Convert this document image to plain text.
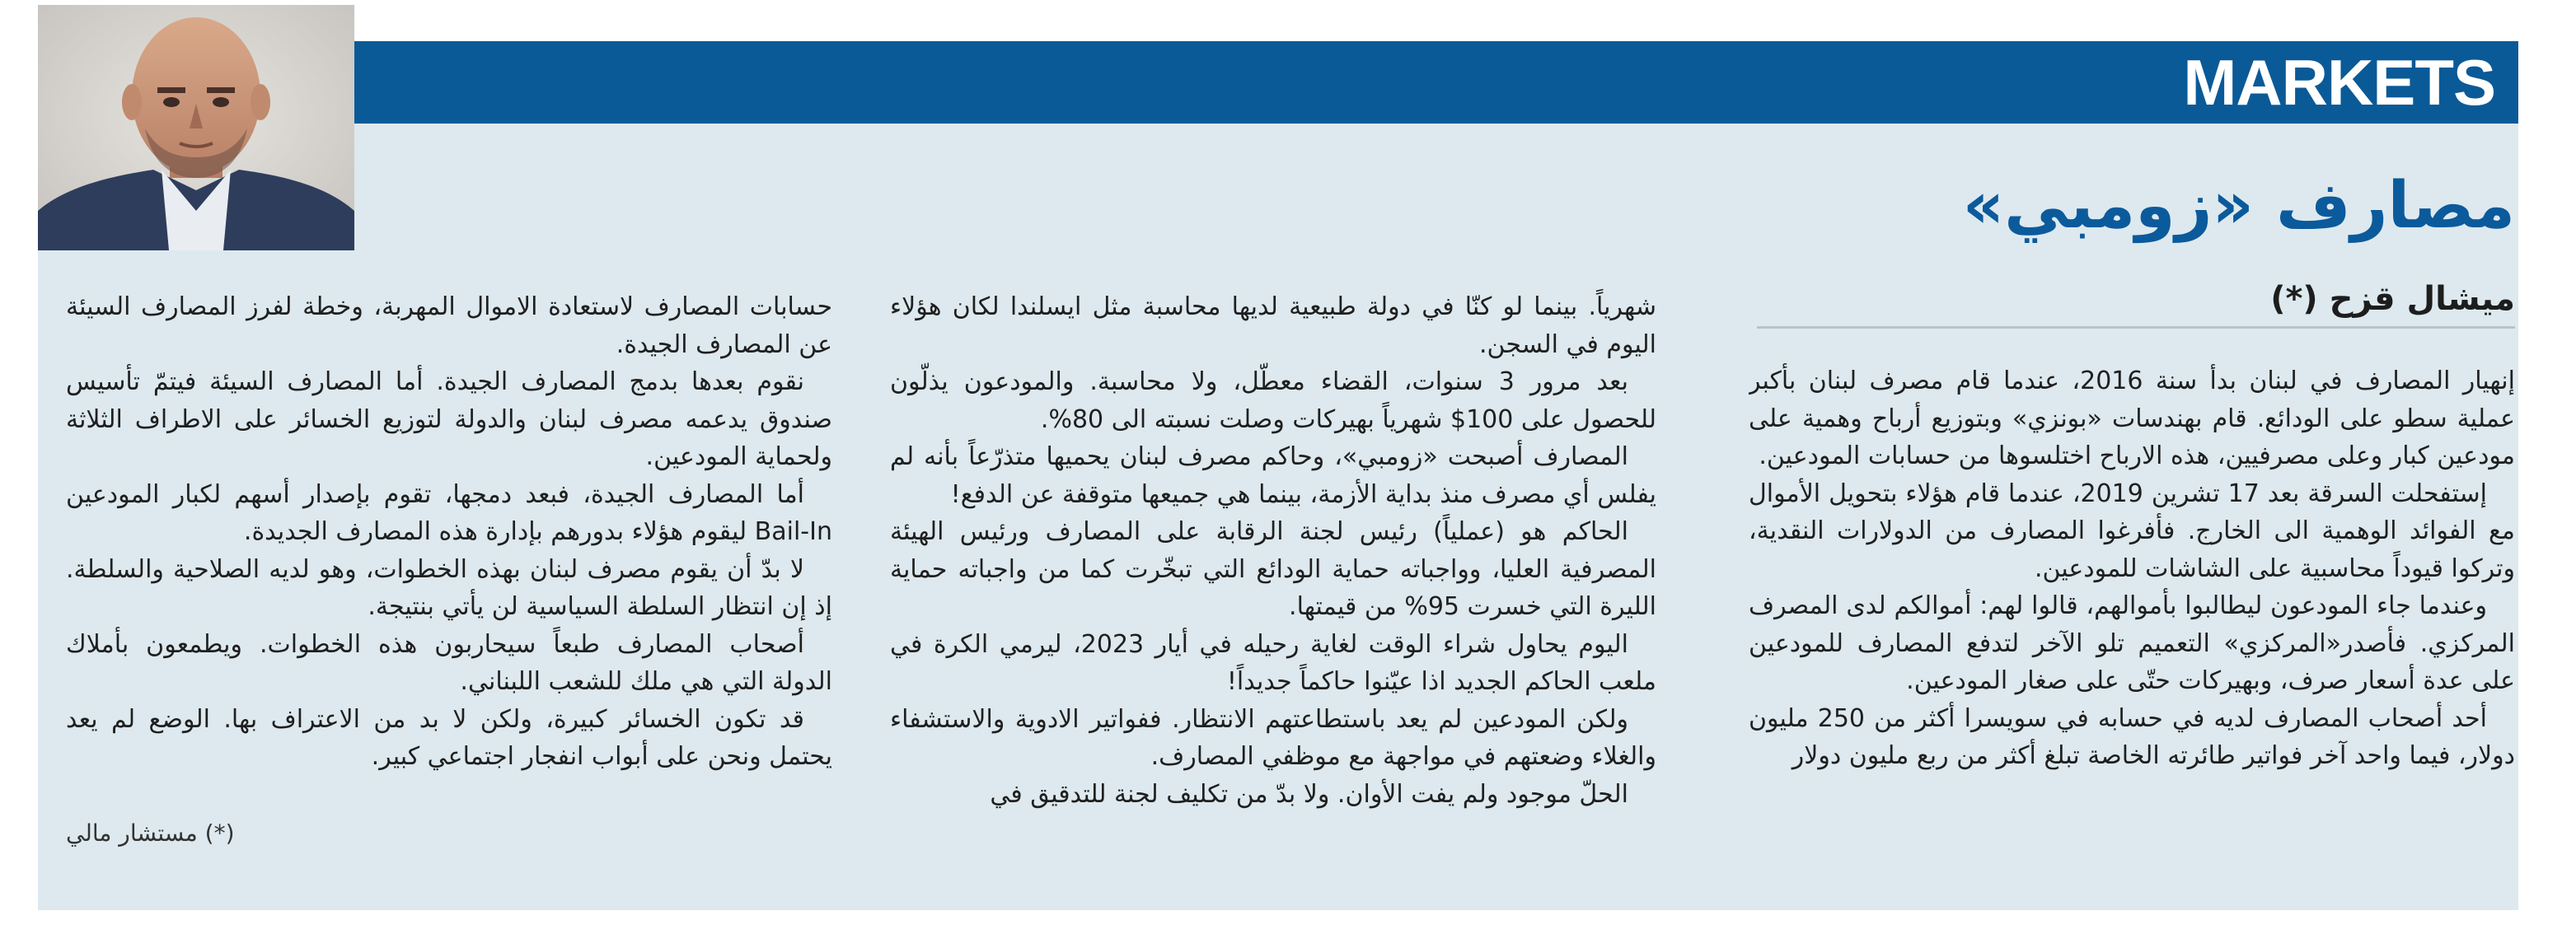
MARKETS
مصارف «زومبي»
ميشال قزح (*)

إنهيار المصارف في لبنان بدأ سنة 2016، عندما قام مصرف لبنان بأكبر عملية سطو على الودائع. قام بهندسات «بونزي» وبتوزيع أرباح وهمية على مودعين كبار وعلى مصرفيين، هذه الارباح اختلسوها من حسابات المودعين.

إستفحلت السرقة بعد 17 تشرين 2019، عندما قام هؤلاء بتحويل الأموال مع الفوائد الوهمية الى الخارج. فأفرغوا المصارف من الدولارات النقدية، وتركوا قيوداً محاسبية على الشاشات للمودعين.

وعندما جاء المودعون ليطالبوا بأموالهم، قالوا لهم: أموالكم لدى المصرف المركزي. فأصدر«المركزي» التعميم تلو الآخر لتدفع المصارف للمودعين على عدة أسعار صرف، وبهيركات حتّى على صغار المودعين.

أحد أصحاب المصارف لديه في حسابه في سويسرا أكثر من 250 مليون دولار، فيما واحد آخر فواتير طائرته الخاصة تبلغ أكثر من ربع مليون دولار

شهرياً. بينما لو كنّا في دولة طبيعية لديها محاسبة مثل ايسلندا لكان هؤلاء اليوم في السجن.

بعد مرور 3 سنوات، القضاء معطّل، ولا محاسبة. والمودعون يذلّون للحصول على 100$ شهرياً بهيركات وصلت نسبته الى 80%.

المصارف أصبحت «زومبي»، وحاكم مصرف لبنان يحميها متذرّعاً بأنه لم يفلس أي مصرف منذ بداية الأزمة، بينما هي جميعها متوقفة عن الدفع!

الحاكم هو (عملياً) رئيس لجنة الرقابة على المصارف ورئيس الهيئة المصرفية العليا، وواجباته حماية الودائع التي تبخّرت كما من واجباته حماية الليرة التي خسرت 95% من قيمتها.

اليوم يحاول شراء الوقت لغاية رحيله في أيار 2023، ليرمي الكرة في ملعب الحاكم الجديد اذا عيّنوا حاكماً جديداً!

ولكن المودعين لم يعد باستطاعتهم الانتظار. ففواتير الادوية والاستشفاء والغلاء وضعتهم في مواجهة مع موظفي المصارف.

الحلّ موجود ولم يفت الأوان. ولا بدّ من تكليف لجنة للتدقيق في

حسابات المصارف لاستعادة الاموال المهربة، وخطة لفرز المصارف السيئة عن المصارف الجيدة.

نقوم بعدها بدمج المصارف الجيدة. أما المصارف السيئة فيتمّ تأسيس صندوق يدعمه مصرف لبنان والدولة لتوزيع الخسائر على الاطراف الثلاثة ولحماية المودعين.

أما المصارف الجيدة، فبعد دمجها، تقوم بإصدار أسهم لكبار المودعين Bail-In ليقوم هؤلاء بدورهم بإدارة هذه المصارف الجديدة.

لا بدّ أن يقوم مصرف لبنان بهذه الخطوات، وهو لديه الصلاحية والسلطة. إذ إن انتظار السلطة السياسية لن يأتي بنتيجة.

أصحاب المصارف طبعاً سيحاربون هذه الخطوات. ويطمعون بأملاك الدولة التي هي ملك للشعب اللبناني.

قد تكون الخسائر كبيرة، ولكن لا بد من الاعتراف بها. الوضع لم يعد يحتمل ونحن على أبواب انفجار اجتماعي كبير.

(*) مستشار مالي
